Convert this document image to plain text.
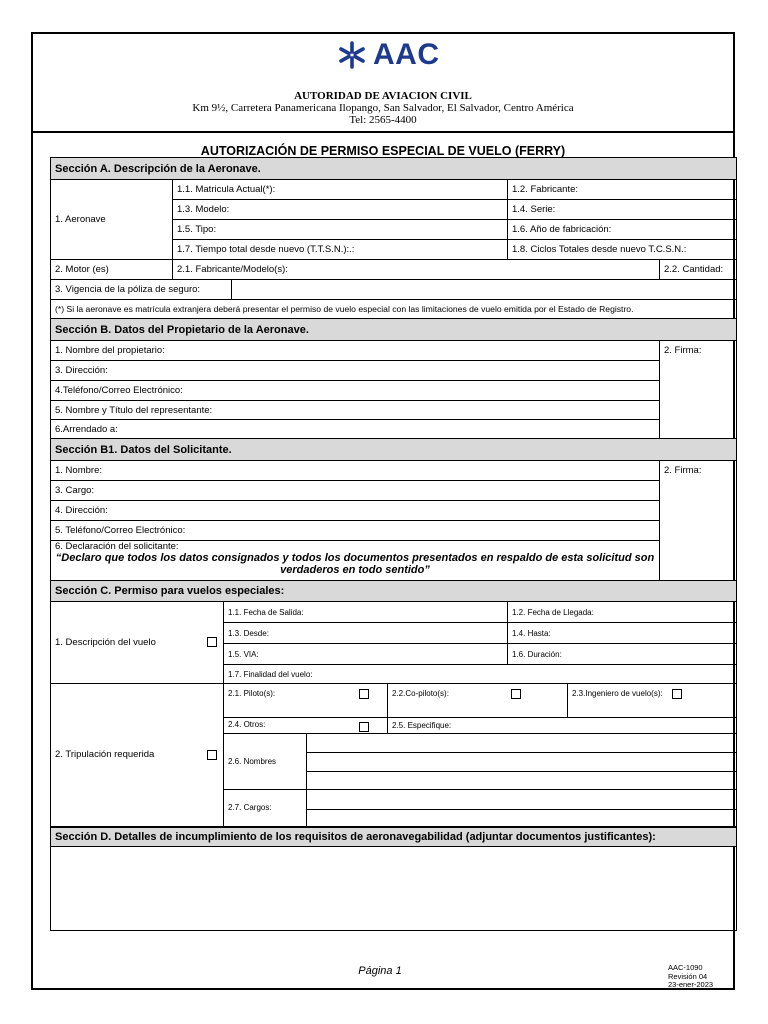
AAC
AUTORIDAD DE AVIACION CIVIL
Km 9½, Carretera Panamericana Ilopango, San Salvador, El Salvador, Centro América
Tel: 2565-4400
AUTORIZACIÓN DE PERMISO ESPECIAL DE VUELO (FERRY)
Sección A. Descripción de la Aeronave.									
1. Aeronave	1.1. Matricula Actual(*):						1.2. Fabricante:		
	1.3. Modelo:						1.4. Serie:		
	1.5. Tipo:						1.6. Año de fabricación:		
	1.7. Tiempo total desde nuevo (T.T.S.N.):.:						1.8. Ciclos Totales desde nuevo T.C.S.N.:		
2. Motor (es)	2.1. Fabricante/Modelo(s):								2.2. Cantidad:
3. Vigencia de la póliza de seguro:									
(*) Si la aeronave es matrícula extranjera deberá presentar el permiso de vuelo especial con las limitaciones de vuelo emitida por el Estado de Registro.									
Sección B. Datos del Propietario de la Aeronave.									
1. Nombre del propietario:									2. Firma:
3. Dirección:									
4.Teléfono/Correo Electrónico:									
5. Nombre y Título del representante:									
6.Arrendado a:									
Sección B1. Datos del Solicitante.									
1. Nombre:									2. Firma:
3. Cargo:									
4. Dirección:									
5. Teléfono/Correo Electrónico:									

6. Declaración del solicitante:
“Declaro que todos los datos consignados y todos los documentos presentados en respaldo de esta solicitud son verdaderos en todo sentido”									

Sección C. Permiso para vuelos especiales:									
1. Descripción del vuelo			1.1. Fecha de Salida:				1.2. Fecha de Llegada:		
			1.3. Desde:				1.4. Hasta:		
			1.5. VIA:				1.6. Duración:		
			1.7. Finalidad del vuelo:						
2. Tripulación requerida			2.1. Piloto(s):			2.2.Co-piloto(s):		2.3.Ingeniero de vuelo(s):	

			2.4. Otros:			2.5. Especifique:			
			2.6. Nombres						

			2.7. Cargos:						

Sección D. Detalles de incumplimiento de los requisitos de aeronavegabilidad (adjuntar documentos justificantes):									

Página 1	AAC-1090
Revisión 04
23-ener-2023
